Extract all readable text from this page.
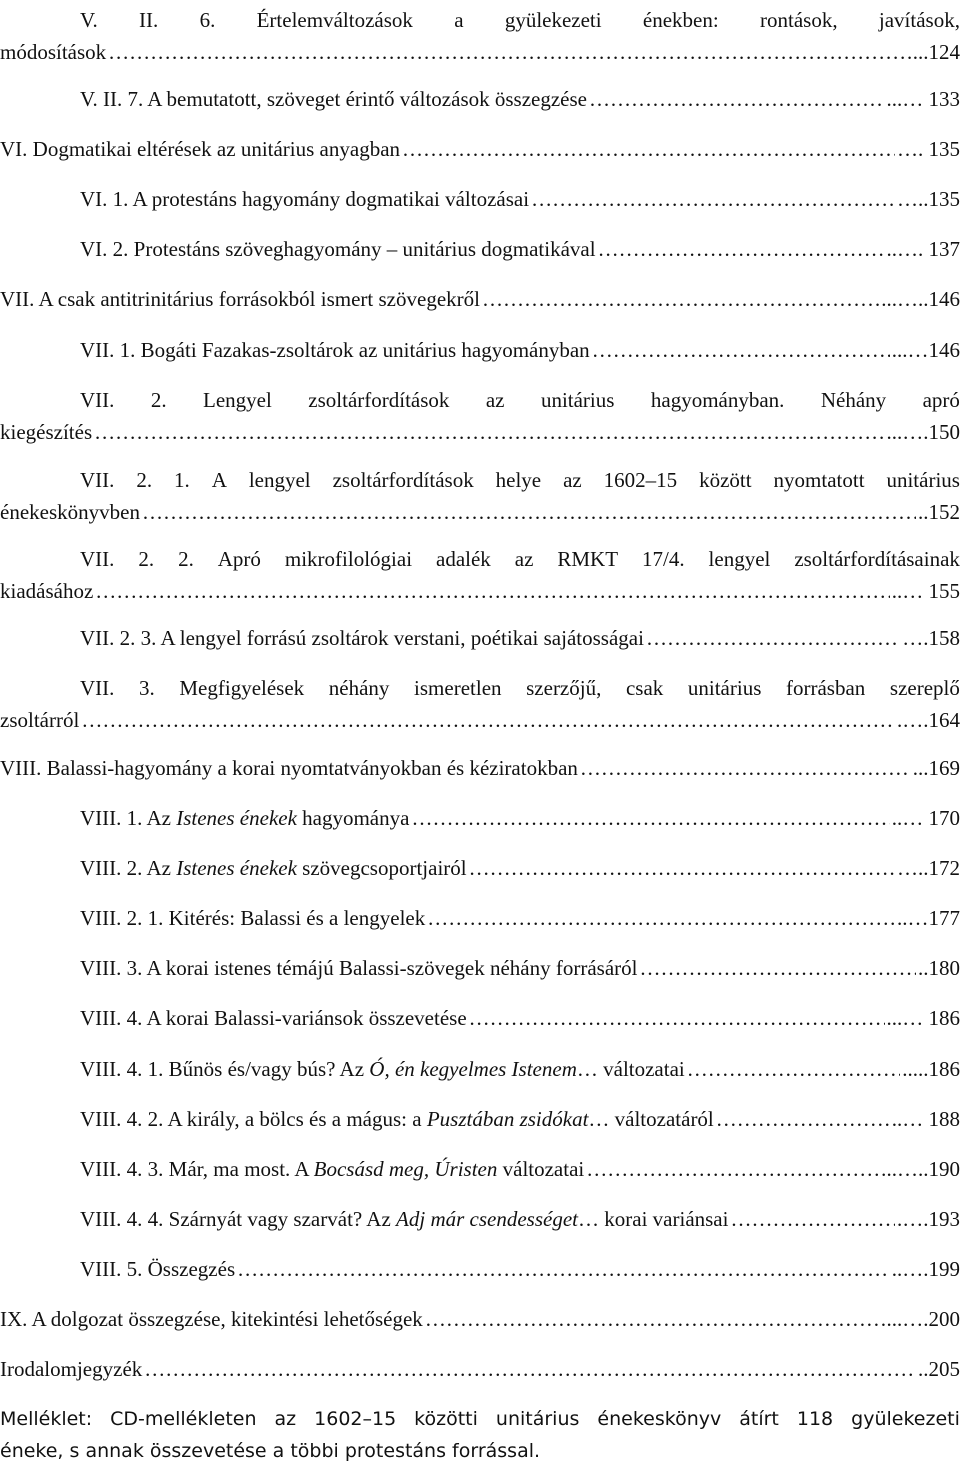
V. II. 6. Értelemváltozások a gyülekezeti énekben: rontások, javítások,
módosítások …………………………………………………………………………………………………………………………………………………………………………………………………………………………………………………………	...124
V. II. 7. A bemutatott, szöveget érintő változások összegzése …………………………………………………………………………………………………………………………………………………………………………………………………………………………………………………………	...… 133
VI. Dogmatikai eltérések az unitárius anyagban …………………………………………………………………………………………………………………………………………………………………………………………………………………………………………………………	…. 135
VI. 1. A protestáns hagyomány dogmatikai változásai …………………………………………………………………………………………………………………………………………………………………………………………………………………………………………………………	…..135
VI. 2. Protestáns szöveghagyomány – unitárius dogmatikával …………………………………………………………………………………………………………………………………………………………………………………………………………………………………………………………	..…. 137
VII. A csak antitrinitárius forrásokból ismert szövegekről …………………………………………………………………………………………………………………………………………………………………………………………………………………………………………………………	...…..146
VII. 1. Bogáti Fazakas-zsoltárok az unitárius hagyományban …………………………………………………………………………………………………………………………………………………………………………………………………………………………………………………………	...…146
VII. 2. Lengyel zsoltárfordítások az unitárius hagyományban. Néhány apró
kiegészítés …………………………………………………………………………………………………………………………………………………………………………………………………………………………………………………………	...….150
VII. 2. 1. A lengyel zsoltárfordítások helye az 1602–15 között nyomtatott unitárius
énekeskönyvben …………………………………………………………………………………………………………………………………………………………………………………………………………………………………………………………	..152
VII. 2. 2. Apró mikrofilológiai adalék az RMKT 17/4. lengyel zsoltárfordításainak
kiadásához …………………………………………………………………………………………………………………………………………………………………………………………………………………………………………………………	..… 155
VII. 2. 3. A lengyel forrású zsoltárok verstani, poétikai sajátosságai …………………………………………………………………………………………………………………………………………………………………………………………………………………………………………………………	….158
VII. 3. Megfigyelések néhány ismeretlen szerzőjű, csak unitárius forrásban szereplő
zsoltárról …………………………………………………………………………………………………………………………………………………………………………………………………………………………………………………………	.….164
VIII. Balassi-hagyomány a korai nyomtatványokban és kéziratokban …………………………………………………………………………………………………………………………………………………………………………………………………………………………………………………………	...169
VIII. 1. Az Istenes énekek hagyománya …………………………………………………………………………………………………………………………………………………………………………………………………………………………………………………………	..… 170
VIII. 2. Az Istenes énekek szövegcsoportjairól …………………………………………………………………………………………………………………………………………………………………………………………………………………………………………………………	…..172
VIII. 2. 1. Kitérés: Balassi és a lengyelek …………………………………………………………………………………………………………………………………………………………………………………………………………………………………………………………	..…177
VIII. 3. A korai istenes témájú Balassi-szövegek néhány forrásáról …………………………………………………………………………………………………………………………………………………………………………………………………………………………………………………………	..180
VIII. 4. A korai Balassi-variánsok összevetése …………………………………………………………………………………………………………………………………………………………………………………………………………………………………………………………	...… 186
VIII. 4. 1. Bűnös és/vagy bús? Az Ó, én kegyelmes Istenem… változatai …………………………………………………………………………………………………………………………………………………………………………………………………………………………………………………………	.....186
VIII. 4. 2. A király, a bölcs és a mágus: a Pusztában zsidókat… változatáról …………………………………………………………………………………………………………………………………………………………………………………………………………………………………………………………	..… 188
VIII. 4. 3. Már, ma most. A Bocsásd meg, Úristen változatai …………………………………………………………………………………………………………………………………………………………………………………………………………………………………………………………	..…..190
VIII. 4. 4. Szárnyát vagy szarvát? Az Adj már csendességet… korai variánsai …………………………………………………………………………………………………………………………………………………………………………………………………………………………………………………………	.….193
VIII. 5. Összegzés …………………………………………………………………………………………………………………………………………………………………………………………………………………………………………………………	..….199
IX. A dolgozat összegzése, kitekintési lehetőségek …………………………………………………………………………………………………………………………………………………………………………………………………………………………………………………………	...….200
Irodalomjegyzék …………………………………………………………………………………………………………………………………………………………………………………………………………………………………………………………	..205
Melléklet: CD-mellékleten az 1602–15 közötti unitárius énekeskönyv átírt 118 gyülekezeti
éneke, s annak összevetése a többi protestáns forrással.
